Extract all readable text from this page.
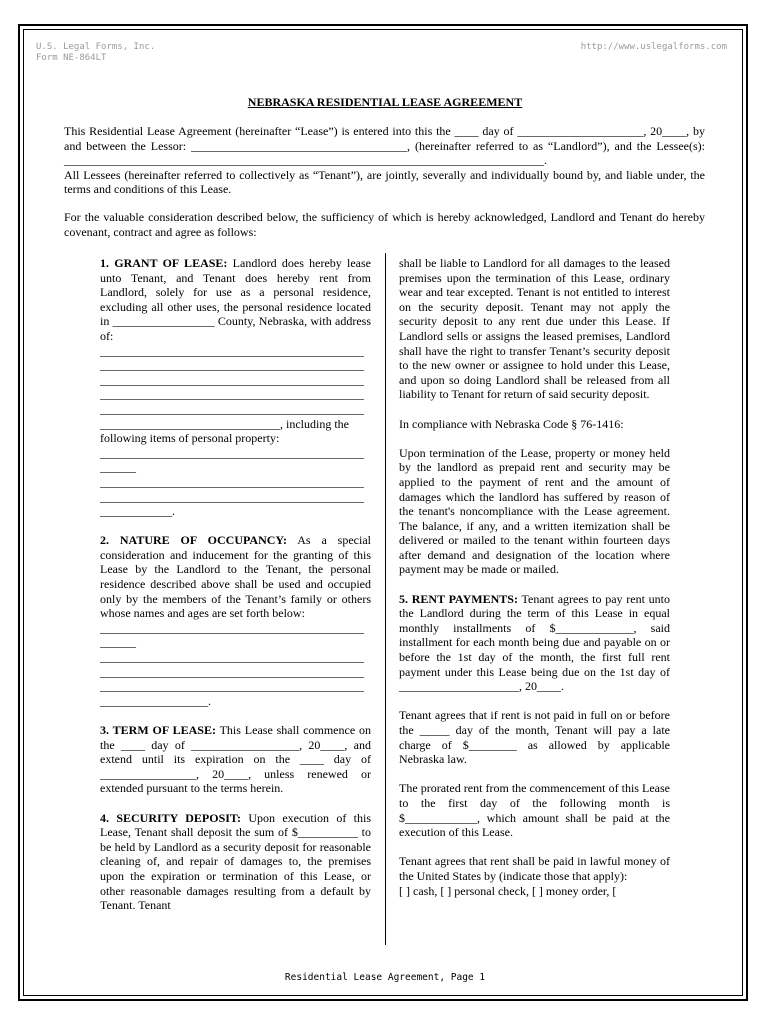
U.S. Legal Forms, Inc.
Form NE-864LT
http://www.uslegalforms.com
NEBRASKA RESIDENTIAL LEASE AGREEMENT

This Residential Lease Agreement (hereinafter “Lease”) is entered into this the ____ day of _____________________, 20____, by and between the Lessor: ____________________________________, (hereinafter referred to as “Landlord”), and the Lessee(s): ________________________________________________________________________________.

All Lessees (hereinafter referred to collectively as “Tenant”), are jointly, severally and individually bound by, and liable under, the terms and conditions of this Lease.

For the valuable consideration described below, the sufficiency of which is hereby acknowledged, Landlord and Tenant do hereby covenant, contract and agree as follows:

1. GRANT OF LEASE: Landlord does hereby lease unto Tenant, and Tenant does hereby rent from Landlord, solely for use as a personal residence, excluding all other uses, the personal residence located in _________________ County, Nebraska, with address of:
____________________________________________
____________________________________________
____________________________________________
____________________________________________
____________________________________________
______________________________, including the
following items of personal property:
____________________________________________
______
____________________________________________
____________________________________________
____________.
2. NATURE OF OCCUPANCY: As a special consideration and inducement for the granting of this Lease by the Landlord to the Tenant, the personal residence described above shall be used and occupied only by the members of the Tenant’s family or others whose names and ages are set forth below:
____________________________________________
______
____________________________________________
____________________________________________
____________________________________________
__________________.

3. TERM OF LEASE: This Lease shall commence on the ____ day of __________________, 20____, and extend until its expiration on the ____ day of ________________, 20____, unless renewed or extended pursuant to the terms herein.

4. SECURITY DEPOSIT: Upon execution of this Lease, Tenant shall deposit the sum of $__________ to be held by Landlord as a security deposit for reasonable cleaning of, and repair of damages to, the premises upon the expiration or termination of this Lease, or other reasonable damages resulting from a default by Tenant. Tenant

shall be liable to Landlord for all damages to the leased premises upon the termination of this Lease, ordinary wear and tear excepted. Tenant is not entitled to interest on the security deposit. Tenant may not apply the security deposit to any rent due under this Lease. If Landlord sells or assigns the leased premises, Landlord shall have the right to transfer Tenant’s security deposit to the new owner or assignee to hold under this Lease, and upon so doing Landlord shall be released from all liability to Tenant for return of said security deposit.

In compliance with Nebraska Code § 76-1416:

Upon termination of the Lease, property or money held by the landlord as prepaid rent and security may be applied to the payment of rent and the amount of damages which the landlord has suffered by reason of the tenant's noncompliance with the Lease agreement. The balance, if any, and a written itemization shall be delivered or mailed to the tenant within fourteen days after demand and designation of the location where payment may be made or mailed.

5. RENT PAYMENTS: Tenant agrees to pay rent unto the Landlord during the term of this Lease in equal monthly installments of $_____________, said installment for each month being due and payable on or before the 1st day of the month, the first full rent payment under this Lease being due on the 1st day of ____________________, 20____.

Tenant agrees that if rent is not paid in full on or before the _____ day of the month, Tenant will pay a late charge of $________ as allowed by applicable Nebraska law.

The prorated rent from the commencement of this Lease to the first day of the following month is $____________, which amount shall be paid at the execution of this Lease.

Tenant agrees that rent shall be paid in lawful money of the United States by (indicate those that apply):

[ ] cash, [ ] personal check, [ ] money order, [
Residential Lease Agreement, Page 1
